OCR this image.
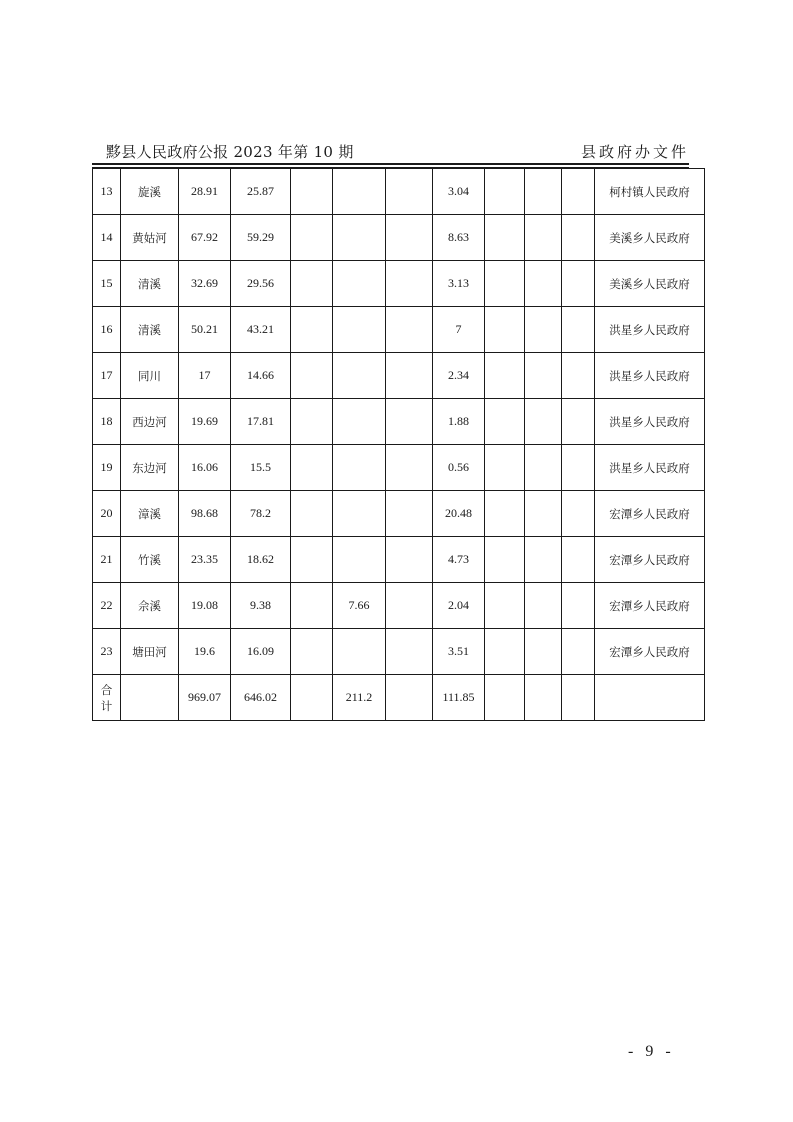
黟县人民政府公报 2023 年第 10 期	县政府办文件
13	旋溪	28.91	25.87				3.04				柯村镇人民政府
14	黄姑河	67.92	59.29				8.63				美溪乡人民政府
15	清溪	32.69	29.56				3.13				美溪乡人民政府
16	清溪	50.21	43.21				7				洪星乡人民政府
17	同川	17	14.66				2.34				洪星乡人民政府
18	西边河	19.69	17.81				1.88				洪星乡人民政府
19	东边河	16.06	15.5				0.56				洪星乡人民政府
20	漳溪	98.68	78.2				20.48				宏潭乡人民政府
21	竹溪	23.35	18.62				4.73				宏潭乡人民政府
22	佘溪	19.08	9.38		7.66		2.04				宏潭乡人民政府
23	塘田河	19.6	16.09				3.51				宏潭乡人民政府

合
计		969.07	646.02		211.2		111.85				
- 9 -
